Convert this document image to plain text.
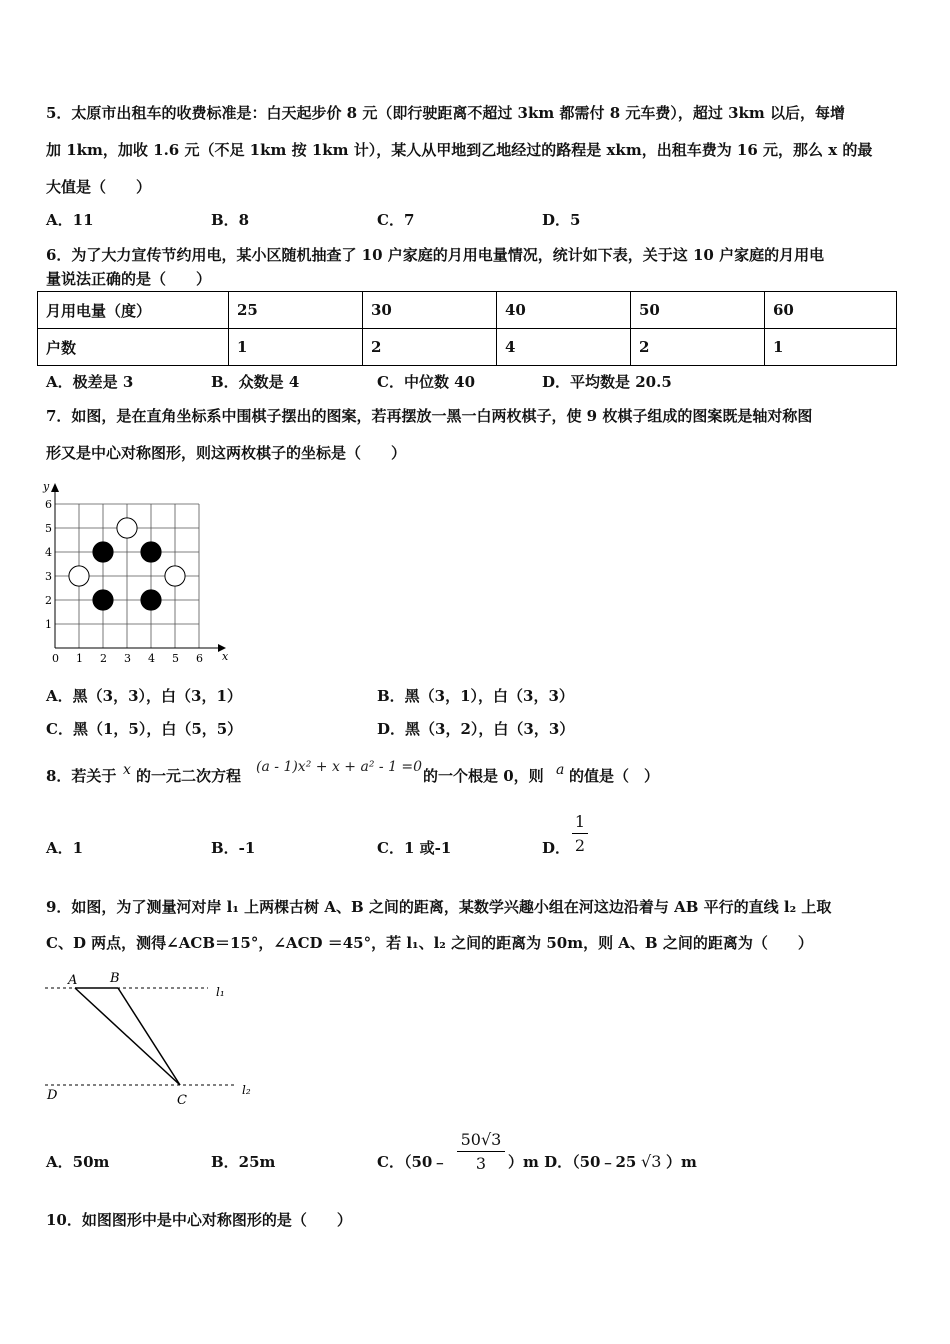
5．太原市出租车的收费标准是：白天起步价 8 元（即行驶距离不超过 3km 都需付 8 元车费），超过 3km 以后，每增
加 1km，加收 1.6 元（不足 1km 按 1km 计），某人从甲地到乙地经过的路程是 xkm，出租车费为 16 元，那么 x 的最
大值是（　　）
A．11	B．8	C．7	D．5
6．为了大力宣传节约用电，某小区随机抽查了 10 户家庭的月用电量情况，统计如下表，关于这 10 户家庭的月用电
量说法正确的是（　　）
月用电量（度）	25	30	40	50	60
户数	1	2	4	2	1
A．极差是 3	B．众数是 4	C．中位数 40	D．平均数是 20.5
7．如图，是在直角坐标系中围棋子摆出的图案，若再摆放一黑一白两枚棋子，使 9 枚棋子组成的图案既是轴对称图
形又是中心对称图形，则这两枚棋子的坐标是（　　）
x
y
0 1 2 3 4 5 6
1
2
3
4
5
6
A．黑（3，3），白（3，1）	B．黑（3，1），白（3，3）
C．黑（1，5），白（5，5）	D．黑（3，2），白（3，3）
8．若关于 x 的一元二次方程 (a - 1)x² + x + a² - 1 =0 的一个根是 0，则 a 的值是（　）
A．1	B．-1	C．1 或-1	D．
1
2
9．如图，为了测量河对岸 l₁ 上两棵古树 A、B 之间的距离，某数学兴趣小组在河这边沿着与 AB 平行的直线 l₂ 上取
C、D 两点，测得∠ACB＝15°，∠ACD ＝45°，若 l₁、l₂ 之间的距离为 50m，则 A、B 之间的距离为（　　）
A	B
C
D
l₁
l₂
A．50m	B．25m	C．（50﹣
50√3
3	）m D．（50﹣25 √3 ）m
10．如图图形中是中心对称图形的是（　　）
